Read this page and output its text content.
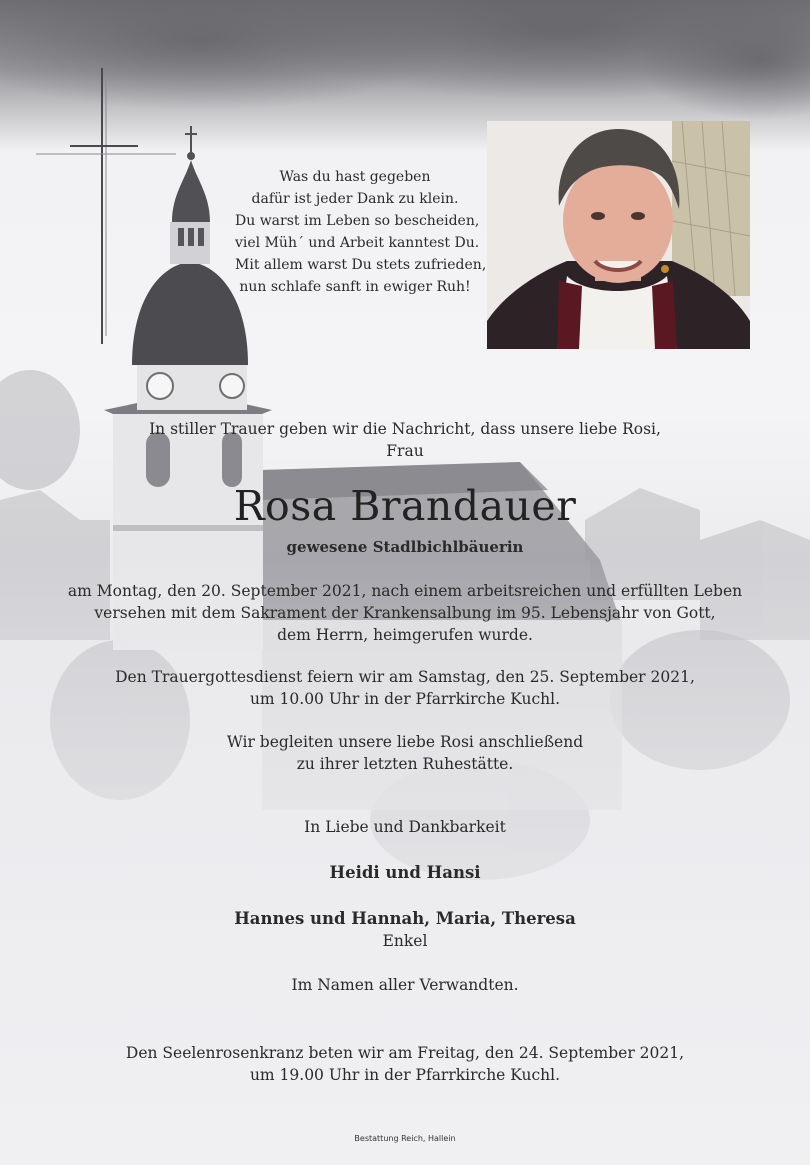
Was du hast gegeben
dafür ist jeder Dank zu klein.
Du warst im Leben so bescheiden,
viel Müh´ und Arbeit kanntest Du.
Mit allem warst Du stets zufrieden,
nun schlafe sanft in ewiger Ruh!
In stiller Trauer geben wir die Nachricht, dass unsere liebe Rosi,
Frau
Rosa Brandauer
gewesene Stadlbichlbäuerin
am Montag, den 20. September 2021, nach einem arbeitsreichen und erfüllten Leben
versehen mit dem Sakrament der Krankensalbung im 95. Lebensjahr von Gott,
dem Herrn, heimgerufen wurde.
Den Trauergottesdienst feiern wir am Samstag, den 25. September 2021,
um 10.00 Uhr in der Pfarrkirche Kuchl.
Wir begleiten unsere liebe Rosi anschließend
zu ihrer letzten Ruhestätte.
In Liebe und Dankbarkeit
Heidi und Hansi
Hannes und Hannah, Maria, Theresa
Enkel
Im Namen aller Verwandten.
Den Seelenrosenkranz beten wir am Freitag, den 24. September 2021,
um 19.00 Uhr in der Pfarrkirche Kuchl.
Bestattung Reich, Hallein
